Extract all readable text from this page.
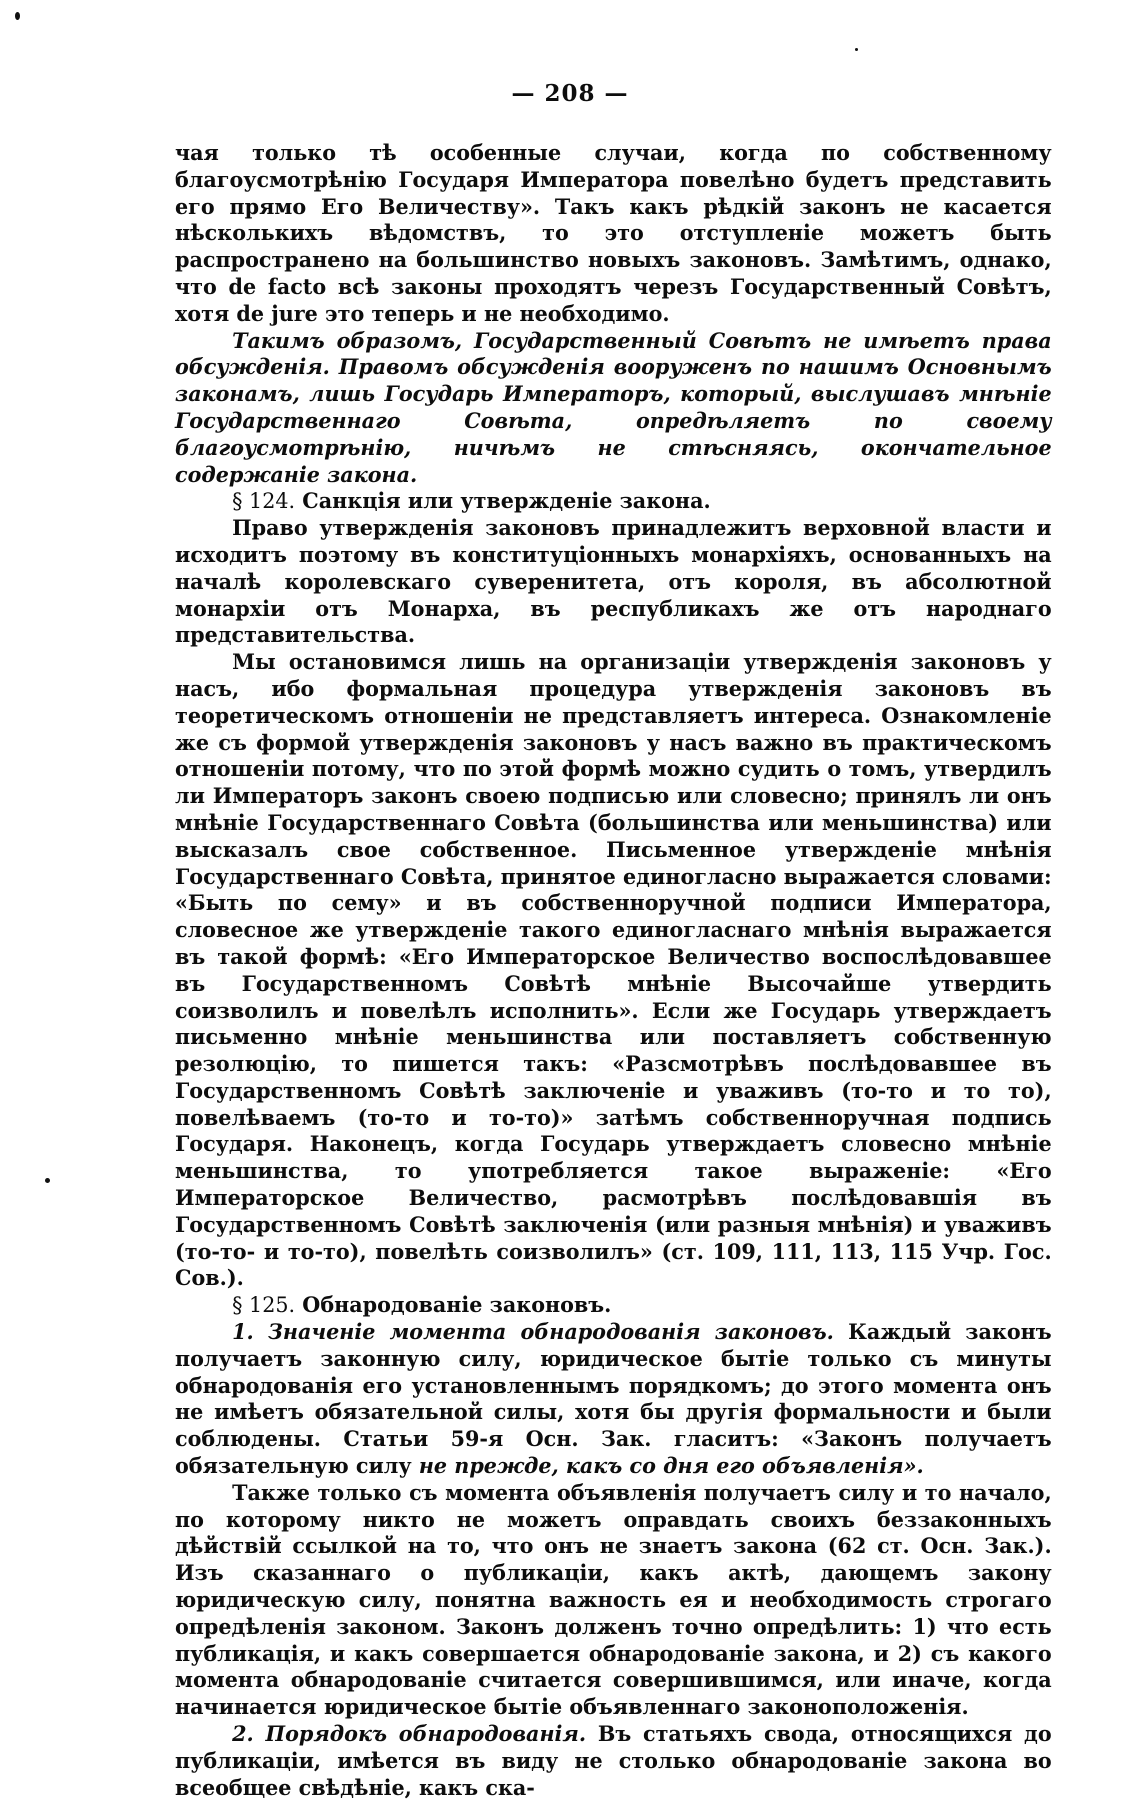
— 208 —

чая только тѣ особенные случаи, когда по собственному благоусмотрѣнію Государя Императора повелѣно будетъ представить его прямо Его Величеству». Такъ какъ рѣдкій законъ не касается нѣсколькихъ вѣдомствъ, то это отступленіе можетъ быть распространено на большинство новыхъ законовъ. Замѣтимъ, однако, что de facto всѣ законы проходятъ черезъ Государственный Совѣтъ, хотя de jure это теперь и не необходимо.

Такимъ образомъ, Государственный Совѣтъ не имѣетъ права обсужденія. Правомъ обсужденія вооруженъ по нашимъ Основнымъ законамъ, лишь Государь Императоръ, который, выслушавъ мнѣніе Государственнаго Совѣта, опредѣляетъ по своему благоусмотрѣнію, ничѣмъ не стѣсняясь, окончательное содержаніе закона.

§ 124. Санкція или утвержденіе закона.

Право утвержденія законовъ принадлежитъ верховной власти и исходитъ поэтому въ конституціонныхъ монархіяхъ, основанныхъ на началѣ королевскаго суверенитета, отъ короля, въ абсолютной монархіи отъ Монарха, въ республикахъ же отъ народнаго представительства.

Мы остановимся лишь на организаціи утвержденія законовъ у насъ, ибо формальная процедура утвержденія законовъ въ теоретическомъ отношеніи не представляетъ интереса. Ознакомленіе же съ формой утвержденія законовъ у насъ важно въ практическомъ отношеніи потому, что по этой формѣ можно судить о томъ, утвердилъ ли Императоръ законъ своею подписью или словесно; принялъ ли онъ мнѣніе Государственнаго Совѣта (большинства или меньшинства) или высказалъ свое собственное. Письменное утвержденіе мнѣнія Государственнаго Совѣта, принятое единогласно выражается словами: «Быть по сему» и въ собственноручной подписи Императора, словесное же утвержденіе такого единогласнаго мнѣнія выражается въ такой формѣ: «Его Императорское Величество воспослѣдовавшее въ Государственномъ Совѣтѣ мнѣніе Высочайше утвердить соизволилъ и повелѣлъ исполнить». Если же Государь утверждаетъ письменно мнѣніе меньшинства или поставляетъ собственную резолюцію, то пишется такъ: «Разсмотрѣвъ послѣдовавшее въ Государственномъ Совѣтѣ заключеніе и уваживъ (то-то и то то), повелѣваемъ (то-то и то-то)» затѣмъ собственноручная подпись Государя. Наконецъ, когда Государь утверждаетъ словесно мнѣніе меньшинства, то употребляется такое выраженіе: «Его Императорское Величество, расмотрѣвъ послѣдовавшія въ Государственномъ Совѣтѣ заключенія (или разныя мнѣнія) и уваживъ (то-то- и то-то), повелѣть соизволилъ» (ст. 109, 111, 113, 115 Учр. Гос. Сов.).

§ 125. Обнародованіе законовъ.

1. Значеніе момента обнародованія законовъ. Каждый законъ получаетъ законную силу, юридическое бытіе только съ минуты обнародованія его установленнымъ порядкомъ; до этого момента онъ не имѣетъ обязательной силы, хотя бы другія формальности и были соблюдены. Статьи 59-я Осн. Зак. гласитъ: «Законъ получаетъ обязательную силу не прежде, какъ со дня его объявленія».

Также только съ момента объявленія получаетъ силу и то начало, по которому никто не можетъ оправдать своихъ беззаконныхъ дѣйствій ссылкой на то, что онъ не знаетъ закона (62 ст. Осн. Зак.). Изъ сказаннаго о публикаціи, какъ актѣ, дающемъ закону юридическую силу, понятна важность ея и необходимость строгаго опредѣленія законом. Законъ долженъ точно опредѣлить: 1) что есть публикація, и какъ совершается обнародованіе закона, и 2) съ какого момента обнародованіе считается совершившимся, или иначе, когда начинается юридическое бытіе объявленнаго законоположенія.

2. Порядокъ обнародованія. Въ статьяхъ свода, относящихся до публикаціи, имѣется въ виду не столько обнародованіе закона во всеобщее свѣдѣніе, какъ ска-
